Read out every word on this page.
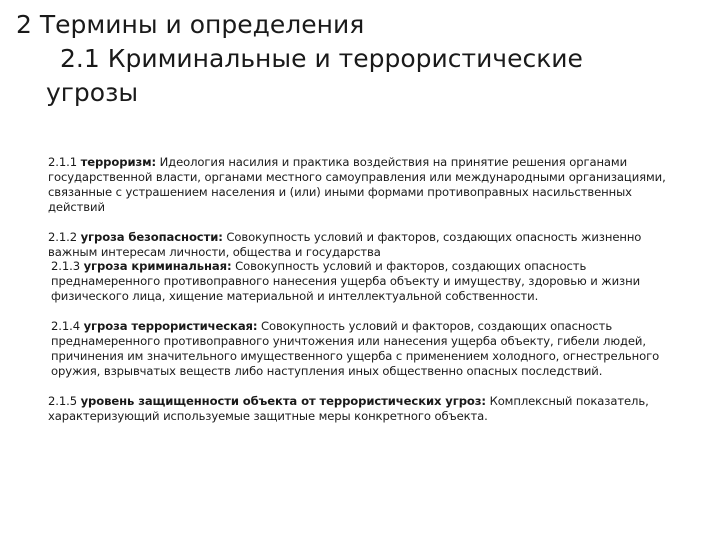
2 Термины и определения
2.1 Криминальные и террористические
угрозы

2.1.1 терроризм: Идеология насилия и практика воздействия на принятие решения органами государственной власти, органами местного самоуправления или международными организациями, связанные с устрашением населения и (или) иными формами противоправных насильственных действий

2.1.2 угроза безопасности: Совокупность условий и факторов, создающих опасность жизненно важным интересам личности, общества и государства

2.1.3 угроза криминальная: Совокупность условий и факторов, создающих опасность преднамеренного противоправного нанесения ущерба объекту и имуществу, здоровью и жизни физического лица, хищение материальной и интеллектуальной собственности.

2.1.4 угроза террористическая: Совокупность условий и факторов, создающих опасность преднамеренного противоправного уничтожения или нанесения ущерба объекту, гибели людей, причинения им значительного имущественного ущерба с применением холодного, огнестрельного оружия, взрывчатых веществ либо наступления иных общественно опасных последствий.

2.1.5 уровень защищенности объекта от террористических угроз: Комплексный показатель, характеризующий используемые защитные меры конкретного объекта.
